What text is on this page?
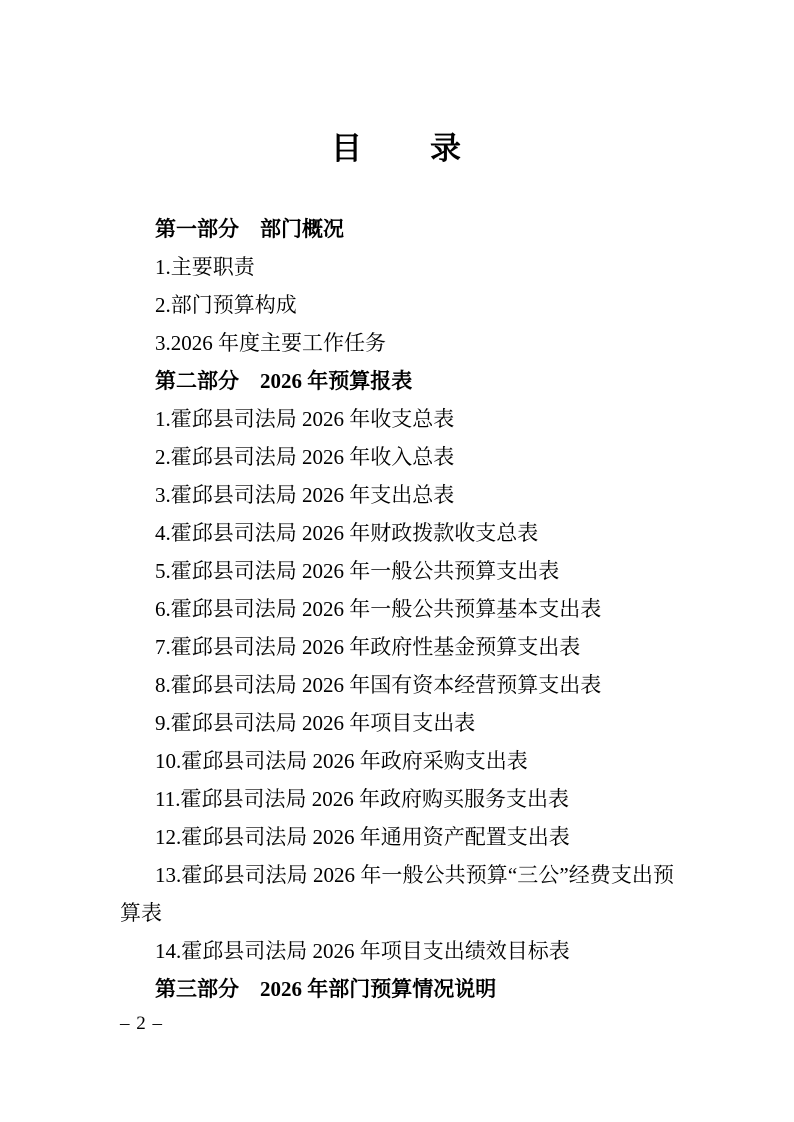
目　　录

第一部分　部门概况

1.主要职责

2.部门预算构成

3.2026 年度主要工作任务

第二部分　2026 年预算报表

1.霍邱县司法局 2026 年收支总表

2.霍邱县司法局 2026 年收入总表

3.霍邱县司法局 2026 年支出总表

4.霍邱县司法局 2026 年财政拨款收支总表

5.霍邱县司法局 2026 年一般公共预算支出表

6.霍邱县司法局 2026 年一般公共预算基本支出表

7.霍邱县司法局 2026 年政府性基金预算支出表

8.霍邱县司法局 2026 年国有资本经营预算支出表

9.霍邱县司法局 2026 年项目支出表

10.霍邱县司法局 2026 年政府采购支出表

11.霍邱县司法局 2026 年政府购买服务支出表

12.霍邱县司法局 2026 年通用资产配置支出表

13.霍邱县司法局 2026 年一般公共预算“三公”经费支出预算表

14.霍邱县司法局 2026 年项目支出绩效目标表

第三部分　2026 年部门预算情况说明

– 2 –
